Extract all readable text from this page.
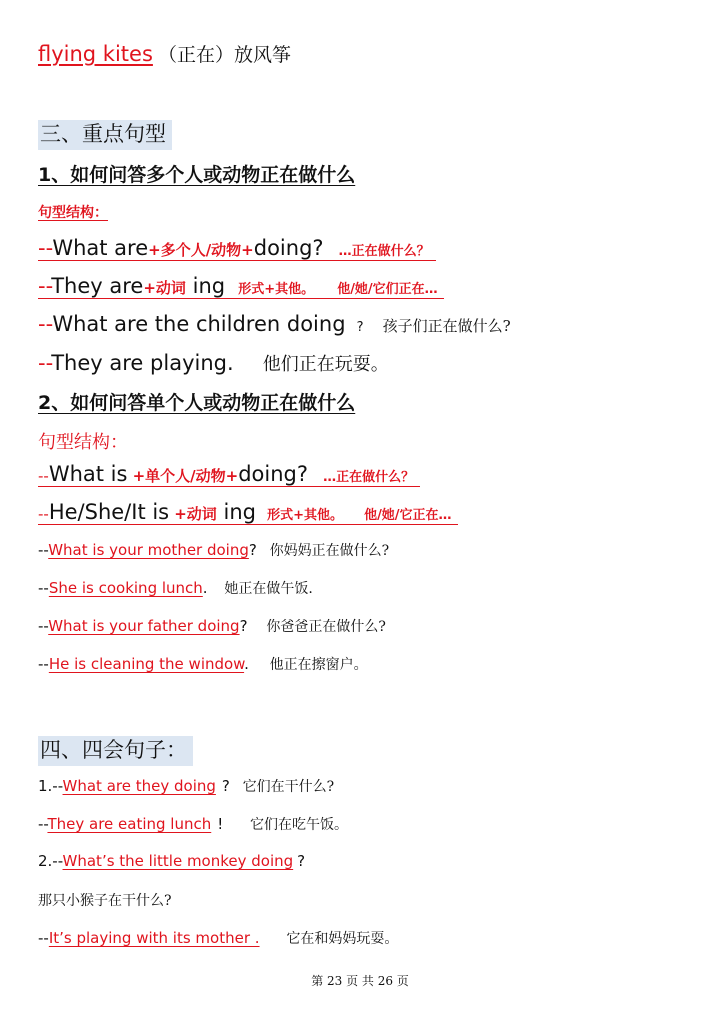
flying kites （正在）放风筝
三、重点句型
1、如何问答多个人或动物正在做什么
句型结构：
--What are+多个人/动物+doing? …正在做什么？
--They are+动词 ing 形式+其他。 他/她/它们正在…
--What are the children doing ? 孩子们正在做什么?
--They are playing. 他们正在玩耍。
2、如何问答单个人或动物正在做什么
句型结构：
--What is +单个人/动物+doing? …正在做什么？
--He/She/It is +动词 ing 形式+其他。 他/她/它正在…
--What is your mother doing? 你妈妈正在做什么?
--She is cooking lunch. 她正在做午饭.
--What is your father doing? 你爸爸正在做什么?
--He is cleaning the window. 他正在擦窗户。
四、四会句子：
1.--What are they doing ? 它们在干什么?
--They are eating lunch ! 它们在吃午饭。
2.--What’s the little monkey doing ?
那只小猴子在干什么?
--It’s playing with its mother . 它在和妈妈玩耍。
第 23 页 共 26 页
